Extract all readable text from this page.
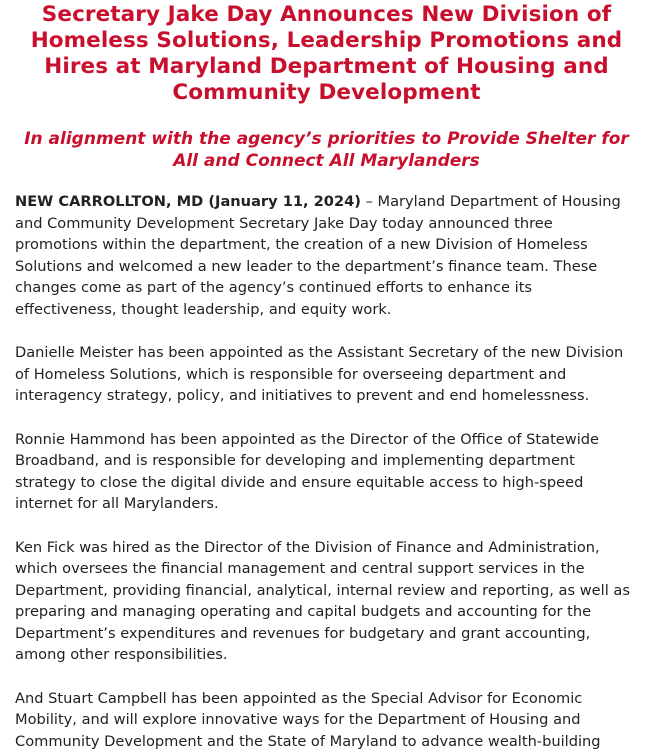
Secretary Jake Day Announces New Division of Homeless Solutions, Leadership Promotions and Hires at Maryland Department of Housing and Community Development
In alignment with the agency’s priorities to Provide Shelter for All and Connect All Marylanders

NEW CARROLLTON, MD (January 11, 2024) – Maryland Department of Housing and Community Development Secretary Jake Day today announced three promotions within the department, the creation of a new Division of Homeless Solutions and welcomed a new leader to the department’s finance team. These changes come as part of the agency’s continued efforts to enhance its effectiveness, thought leadership, and equity work.

Danielle Meister has been appointed as the Assistant Secretary of the new Division of Homeless Solutions, which is responsible for overseeing department and interagency strategy, policy, and initiatives to prevent and end homelessness.

Ronnie Hammond has been appointed as the Director of the Office of Statewide Broadband, and is responsible for developing and implementing department strategy to close the digital divide and ensure equitable access to high-speed internet for all Marylanders.

Ken Fick was hired as the Director of the Division of Finance and Administration, which oversees the financial management and central support services in the Department, providing financial, analytical, internal review and reporting, as well as preparing and managing operating and capital budgets and accounting for the Department’s expenditures and revenues for budgetary and grant accounting, among other responsibilities.

And Stuart Campbell has been appointed as the Special Advisor for Economic Mobility, and will explore innovative ways for the Department of Housing and Community Development and the State of Maryland to advance wealth-building
